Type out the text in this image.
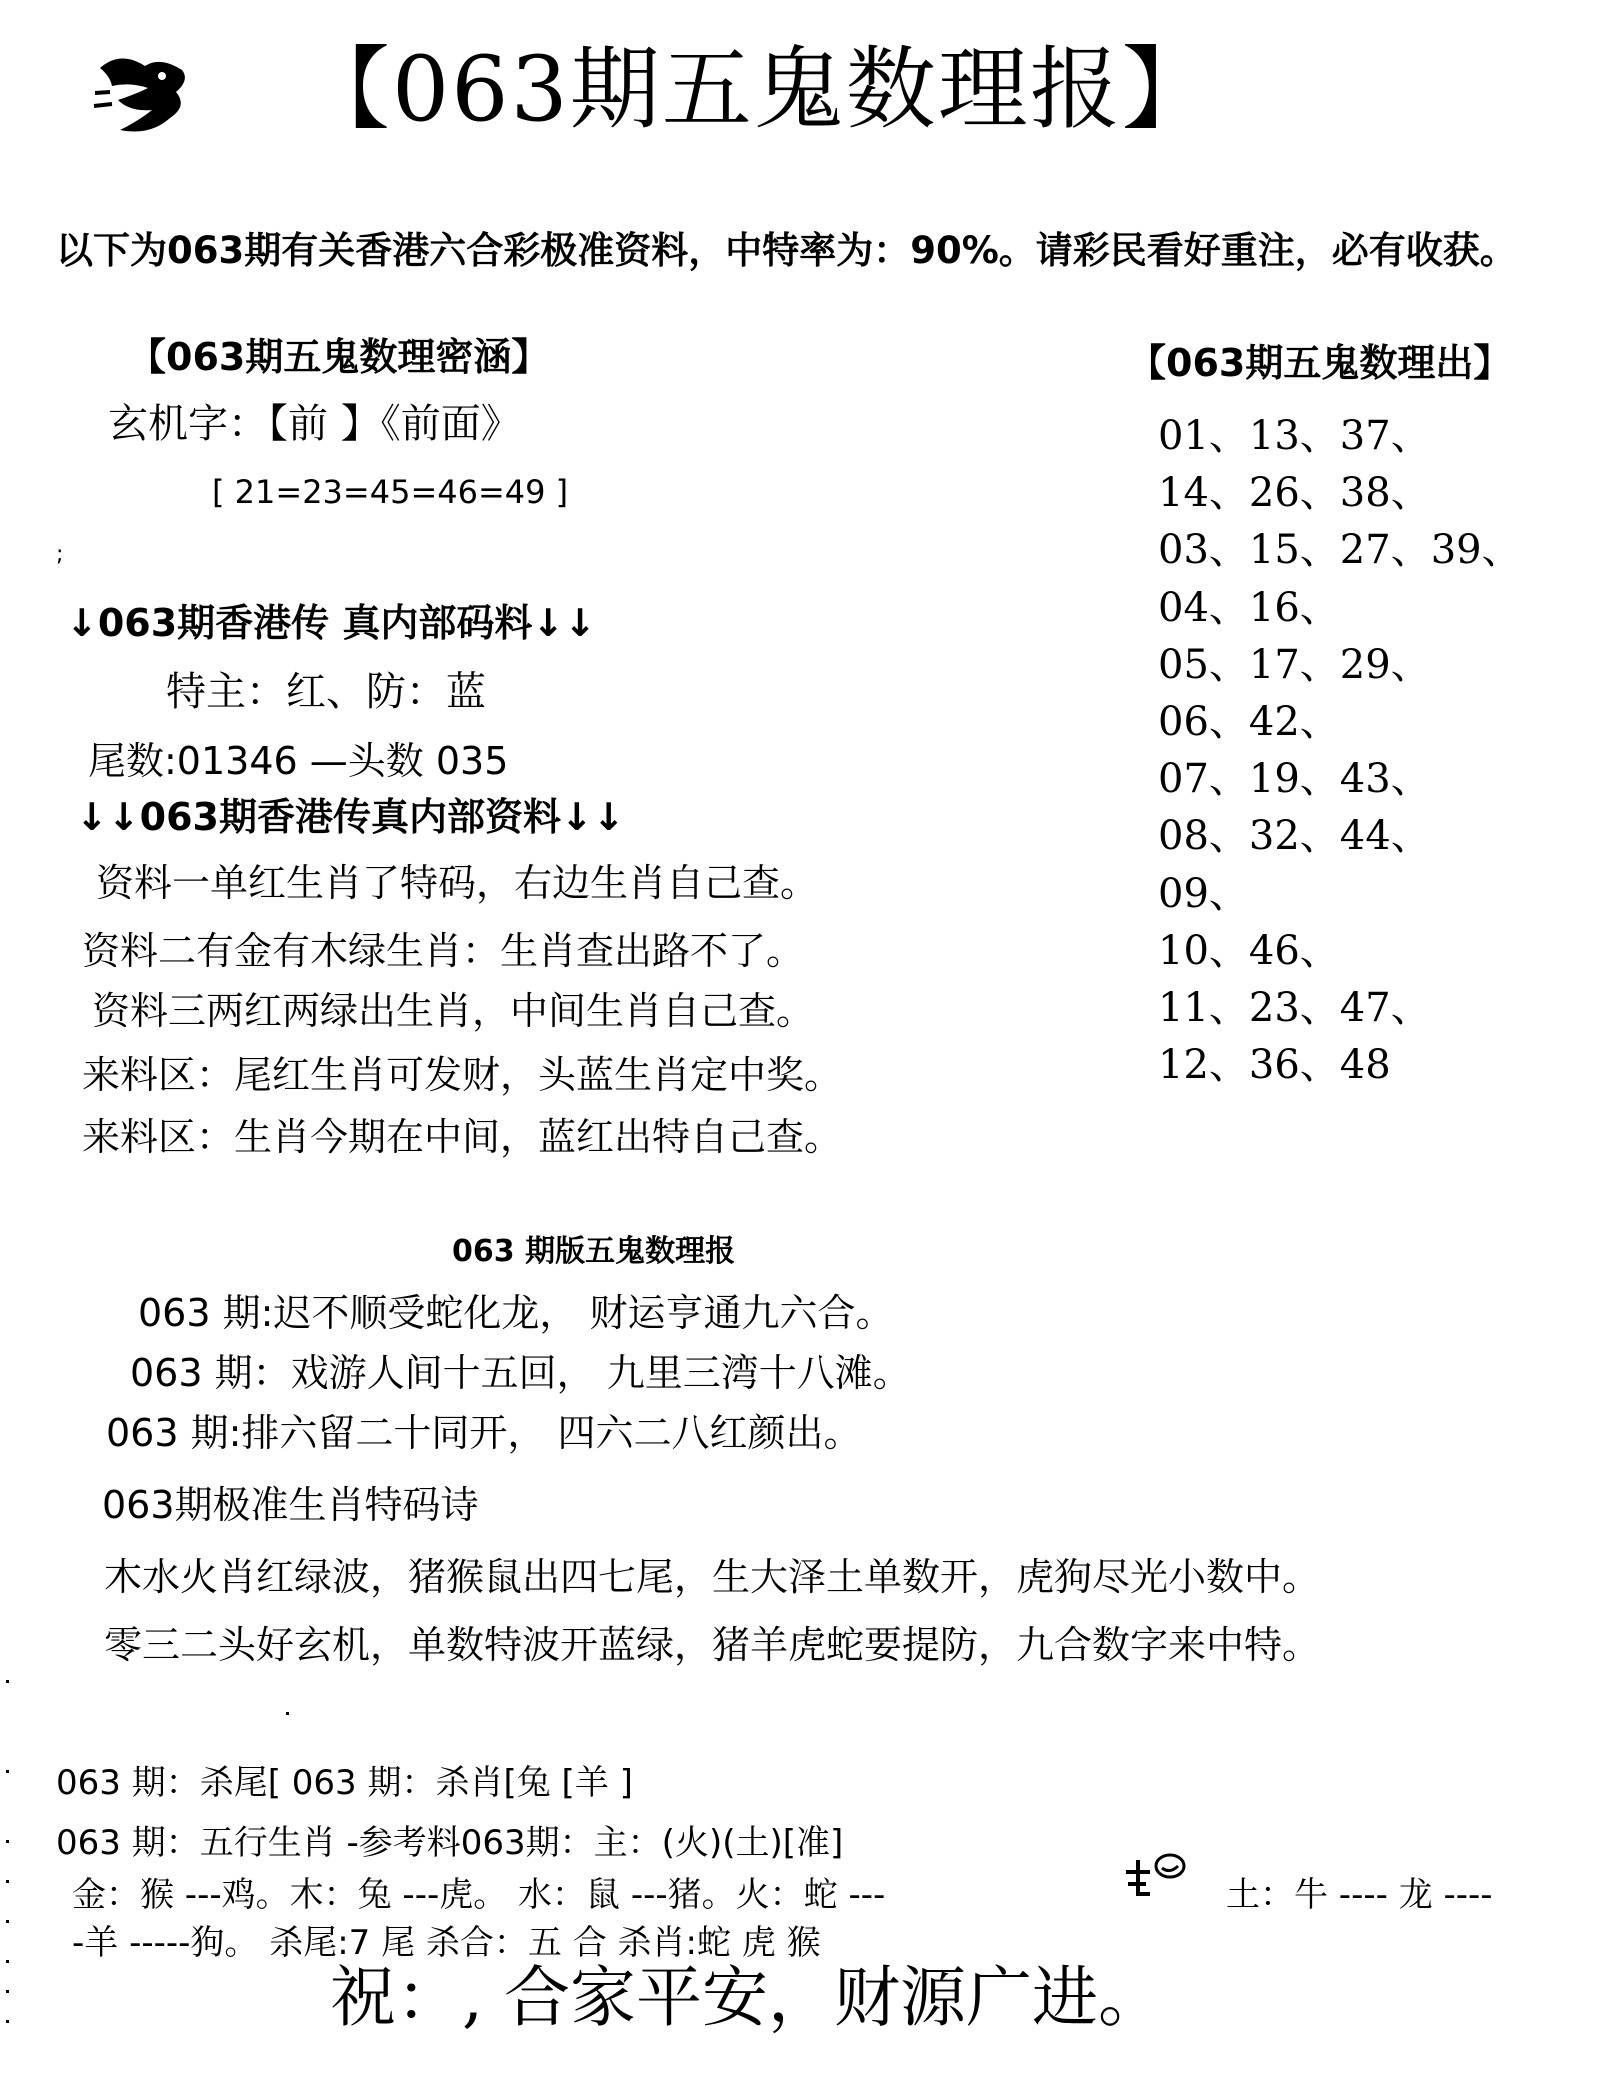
【063期五鬼数理报】
以下为063期有关香港六合彩极准资料，中特率为：90%。请彩民看好重注，必有收获。
【063期五鬼数理密涵】
玄机字：【前 】《前面》
[ 21=23=45=46=49 ]
;
↓063期香港传 真内部码料↓↓
特主：红、防：蓝
尾数:01346 —头数 035
↓↓063期香港传真内部资料↓↓
资料一单红生肖了特码，右边生肖自己查。
资料二有金有木绿生肖：生肖查出路不了。
资料三两红两绿出生肖，中间生肖自己查。
来料区：尾红生肖可发财，头蓝生肖定中奖。
来料区：生肖今期在中间，蓝红出特自己查。
【063期五鬼数理出】
01、13、37、
14、26、38、
03、15、27、39、
04、16、
05、17、29、
06、42、
07、19、43、
08、32、44、
09、
10、46、
11、23、47、
12、36、48
063 期版五鬼数理报
063 期:迟不顺受蛇化龙， 财运亨通九六合。
063 期：戏游人间十五回， 九里三湾十八滩。
063 期:排六留二十同开， 四六二八红颜出。
063期极准生肖特码诗
木水火肖红绿波，猪猴鼠出四七尾，生大泽土单数开，虎狗尽光小数中。
零三二头好玄机，单数特波开蓝绿，猪羊虎蛇要提防，九合数字来中特。
063 期：杀尾[ 063 期：杀肖[兔 [羊 ]
063 期：五行生肖 -参考料063期：主：(火)(土)[准]
金：猴 ---鸡。木：兔 ---虎。 水：鼠 ---猪。火：蛇 ---	土：牛 ---- 龙 ----
-羊 -----狗。 杀尾:7 尾 杀合：五 合 杀肖:蛇 虎 猴
祝：, 合家平安，财源广进。
